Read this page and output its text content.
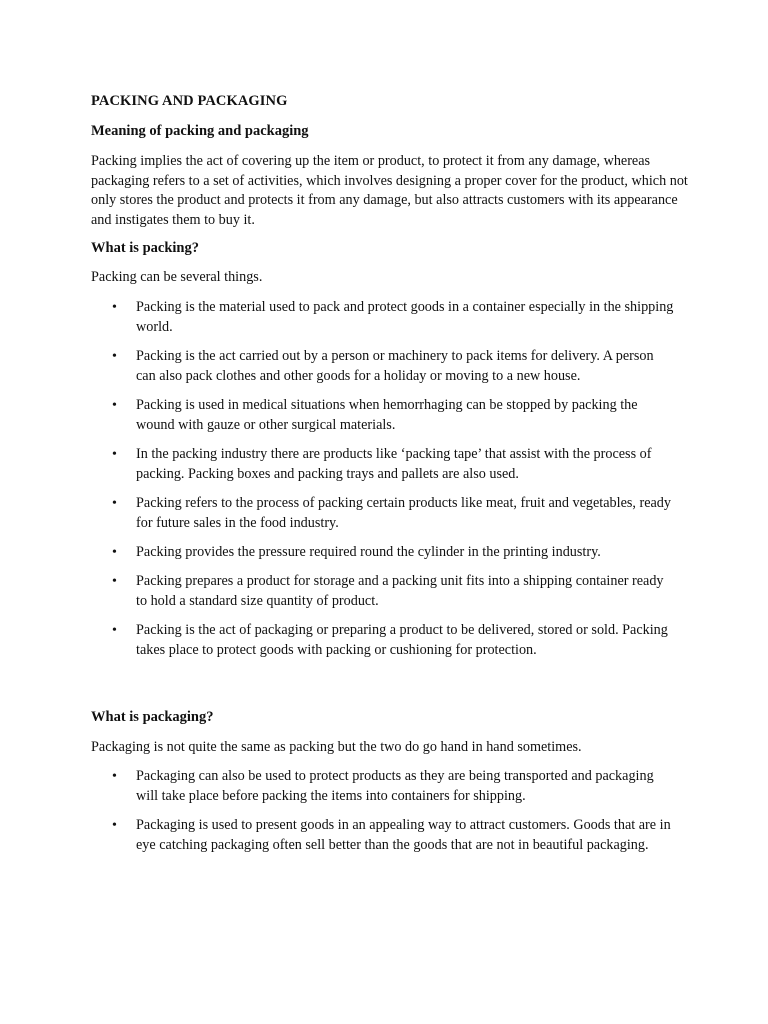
PACKING AND PACKAGING
Meaning of packing and packaging
Packing implies the act of covering up the item or product, to protect it from any damage, whereas packaging refers to a set of activities, which involves designing a proper cover for the product, which not only stores the product and protects it from any damage, but also attracts customers with its appearance and instigates them to buy it.
What is packing?
Packing can be several things.
• Packing is the material used to pack and protect goods in a container especially in the shipping world.
• Packing is the act carried out by a person or machinery to pack items for delivery. A person can also pack clothes and other goods for a holiday or moving to a new house.
• Packing is used in medical situations when hemorrhaging can be stopped by packing the wound with gauze or other surgical materials.
• In the packing industry there are products like ‘packing tape’ that assist with the process of packing. Packing boxes and packing trays and pallets are also used.
• Packing refers to the process of packing certain products like meat, fruit and vegetables, ready for future sales in the food industry.
• Packing provides the pressure required round the cylinder in the printing industry.
• Packing prepares a product for storage and a packing unit fits into a shipping container ready to hold a standard size quantity of product.
• Packing is the act of packaging or preparing a product to be delivered, stored or sold. Packing takes place to protect goods with packing or cushioning for protection.
What is packaging?
Packaging is not quite the same as packing but the two do go hand in hand sometimes.
• Packaging can also be used to protect products as they are being transported and packaging will take place before packing the items into containers for shipping.
• Packaging is used to present goods in an appealing way to attract customers. Goods that are in eye catching packaging often sell better than the goods that are not in beautiful packaging.
